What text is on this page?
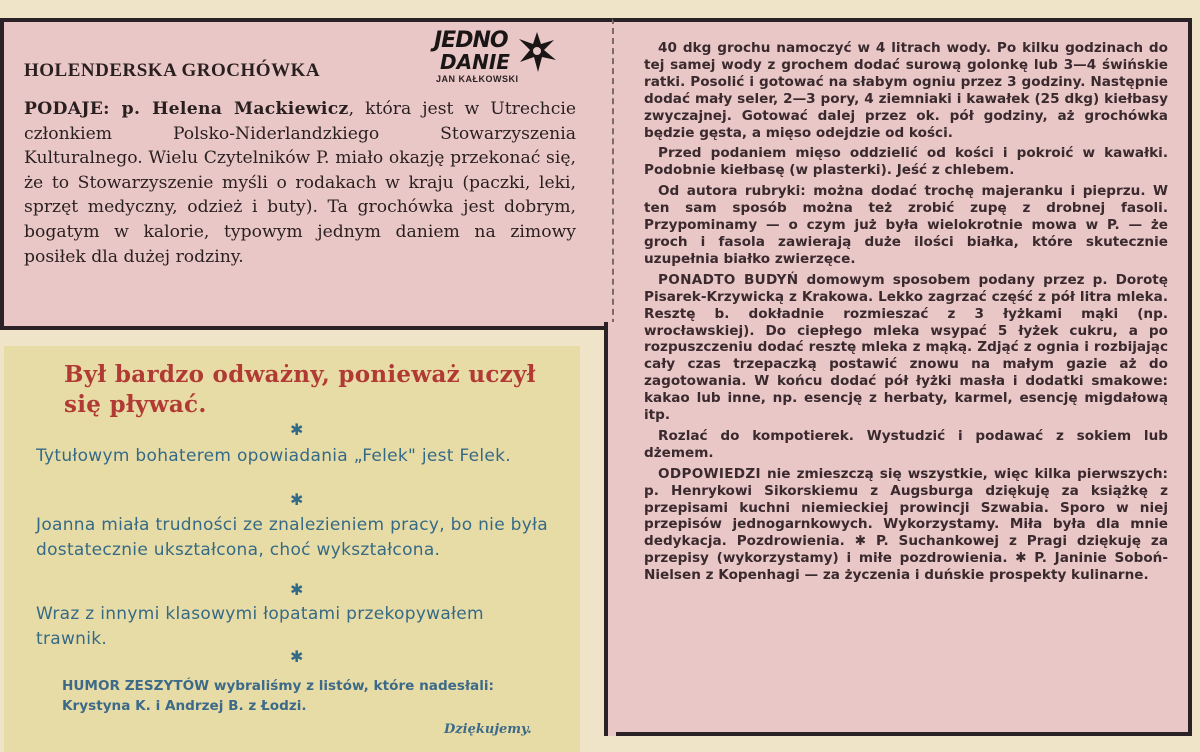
HOLENDERSKA GROCHÓWKA
JEDNO
DANIE
JAN KAŁKOWSKI
PODAJE: p. Helena Mackiewicz, która jest w Utrechcie członkiem Polsko-Niderlandzkiego Stowarzyszenia Kulturalnego. Wielu Czytelników P. miało okazję przekonać się, że to Stowarzyszenie myśli o rodakach w kraju (paczki, leki, sprzęt medyczny, odzież i buty). Ta grochówka jest dobrym, bogatym w kalorie, typowym jednym daniem na zimowy posiłek dla dużej rodziny.

40 dkg grochu namoczyć w 4 litrach wody. Po kilku godzinach do tej samej wody z grochem dodać surową golonkę lub 3—4 świńskie ratki. Posolić i gotować na słabym ogniu przez 3 godziny. Następnie dodać mały seler, 2—3 pory, 4 ziemniaki i kawałek (25 dkg) kiełbasy zwyczajnej. Gotować dalej przez ok. pół godziny, aż grochówka będzie gęsta, a mięso odejdzie od kości.

Przed podaniem mięso oddzielić od kości i pokroić w kawałki. Podobnie kiełbasę (w plasterki). Jeść z chlebem.

Od autora rubryki: można dodać trochę majeranku i pieprzu. W ten sam sposób można też zrobić zupę z drobnej fasoli. Przypominamy — o czym już była wielokrotnie mowa w P. — że groch i fasola zawierają duże ilości białka, które skutecznie uzupełnia białko zwierzęce.

PONADTO BUDYŃ domowym sposobem podany przez p. Dorotę Pisarek-Krzywicką z Krakowa. Lekko zagrzać część z pół litra mleka. Resztę b. dokładnie rozmieszać z 3 łyżkami mąki (np. wrocławskiej). Do ciepłego mleka wsypać 5 łyżek cukru, a po rozpuszczeniu dodać resztę mleka z mąką. Zdjąć z ognia i rozbijając cały czas trzepaczką postawić znowu na małym gazie aż do zagotowania. W końcu dodać pół łyżki masła i dodatki smakowe: kakao lub inne, np. esencję z herbaty, karmel, esencję migdałową itp.

Rozlać do kompotierek. Wystudzić i podawać z sokiem lub dżemem.

ODPOWIEDZI nie zmieszczą się wszystkie, więc kilka pierwszych: p. Henrykowi Sikorskiemu z Augsburga dziękuję za książkę z przepisami kuchni niemieckiej prowincji Szwabia. Sporo w niej przepisów jednogarnkowych. Wykorzystamy. Miła była dla mnie dedykacja. Pozdrowienia. ✱ P. Suchankowej z Pragi dziękuję za przepisy (wykorzystamy) i miłe pozdrowienia. ✱ P. Janinie Soboń-Nielsen z Kopenhagi — za życzenia i duńskie prospekty kulinarne.

Był bardzo odważny, ponieważ uczył się pływać.
✱
Tytułowym bohaterem opowiadania „Felek" jest Felek.
✱
Joanna miała trudności ze znalezieniem pracy, bo nie była dostatecznie ukształcona, choć wykształcona.
✱
Wraz z innymi klasowymi łopatami przekopywałem trawnik.
✱
HUMOR ZESZYTÓW wybraliśmy z listów, które nadesłali: Krystyna K. i Andrzej B. z Łodzi.
Dziękujemy.
